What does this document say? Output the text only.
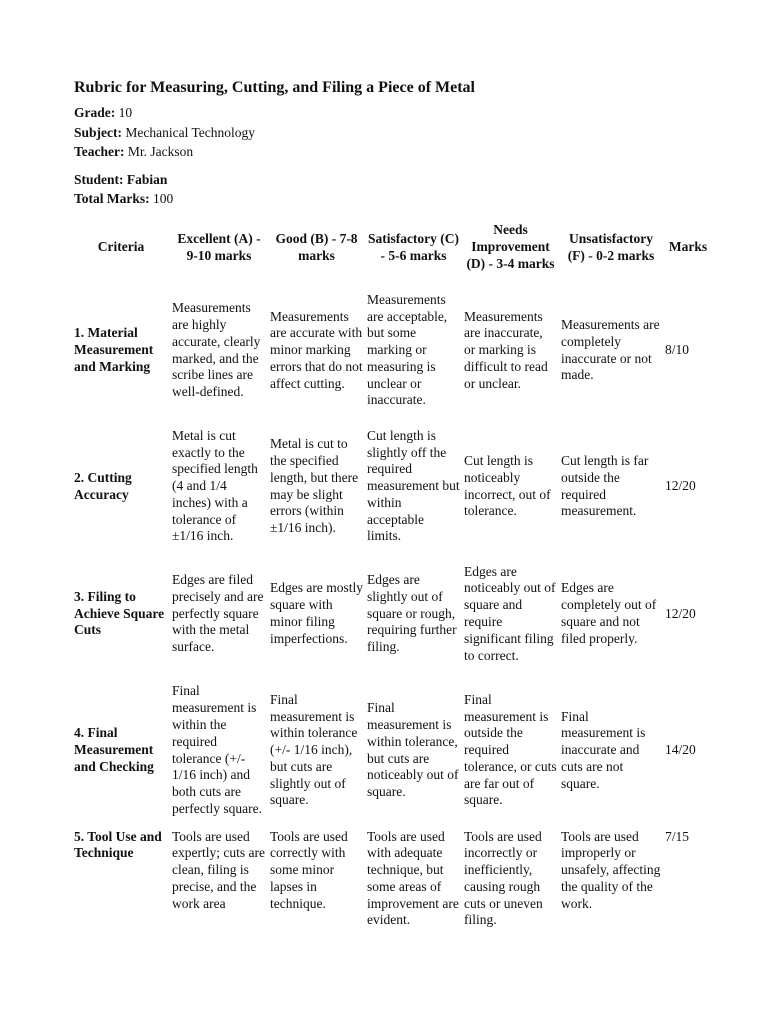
Rubric for Measuring, Cutting, and Filing a Piece of Metal
Grade: 10
Subject: Mechanical Technology
Teacher: Mr. Jackson
Student: Fabian
Total Marks: 100
Criteria	Excellent (A) - 9-10 marks	Good (B) - 7-8 marks	Satisfactory (C) - 5-6 marks	Needs Improvement (D) - 3-4 marks	Unsatisfactory (F) - 0-2 marks	Marks
1. Material Measurement and Marking	Measurements are highly accurate, clearly marked, and the scribe lines are well-defined.	Measurements are accurate with minor marking errors that do not affect cutting.	Measurements are acceptable, but some marking or measuring is unclear or inaccurate.	Measurements are inaccurate, or marking is difficult to read or unclear.	Measurements are completely inaccurate or not made.	8/10
2. Cutting Accuracy	Metal is cut exactly to the specified length (4 and 1/4 inches) with a tolerance of ±1/16 inch.	Metal is cut to the specified length, but there may be slight errors (within ±1/16 inch).	Cut length is slightly off the required measurement but within acceptable limits.	Cut length is noticeably incorrect, out of tolerance.	Cut length is far outside the required measurement.	12/20
3. Filing to Achieve Square Cuts	Edges are filed precisely and are perfectly square with the metal surface.	Edges are mostly square with minor filing imperfections.	Edges are slightly out of square or rough, requiring further filing.	Edges are noticeably out of square and require significant filing to correct.	Edges are completely out of square and not filed properly.	12/20
4. Final Measurement and Checking	Final measurement is within the required tolerance (+/- 1/16 inch) and both cuts are perfectly square.	Final measurement is within tolerance (+/- 1/16 inch), but cuts are slightly out of square.	Final measurement is within tolerance, but cuts are noticeably out of square.	Final measurement is outside the required tolerance, or cuts are far out of square.	Final measurement is inaccurate and cuts are not square.	14/20
5. Tool Use and Technique	Tools are used expertly; cuts are clean, filing is precise, and the work area	Tools are used correctly with some minor lapses in technique.	Tools are used with adequate technique, but some areas of improvement are evident.	Tools are used incorrectly or inefficiently, causing rough cuts or uneven filing.	Tools are used improperly or unsafely, affecting the quality of the work.	7/15
